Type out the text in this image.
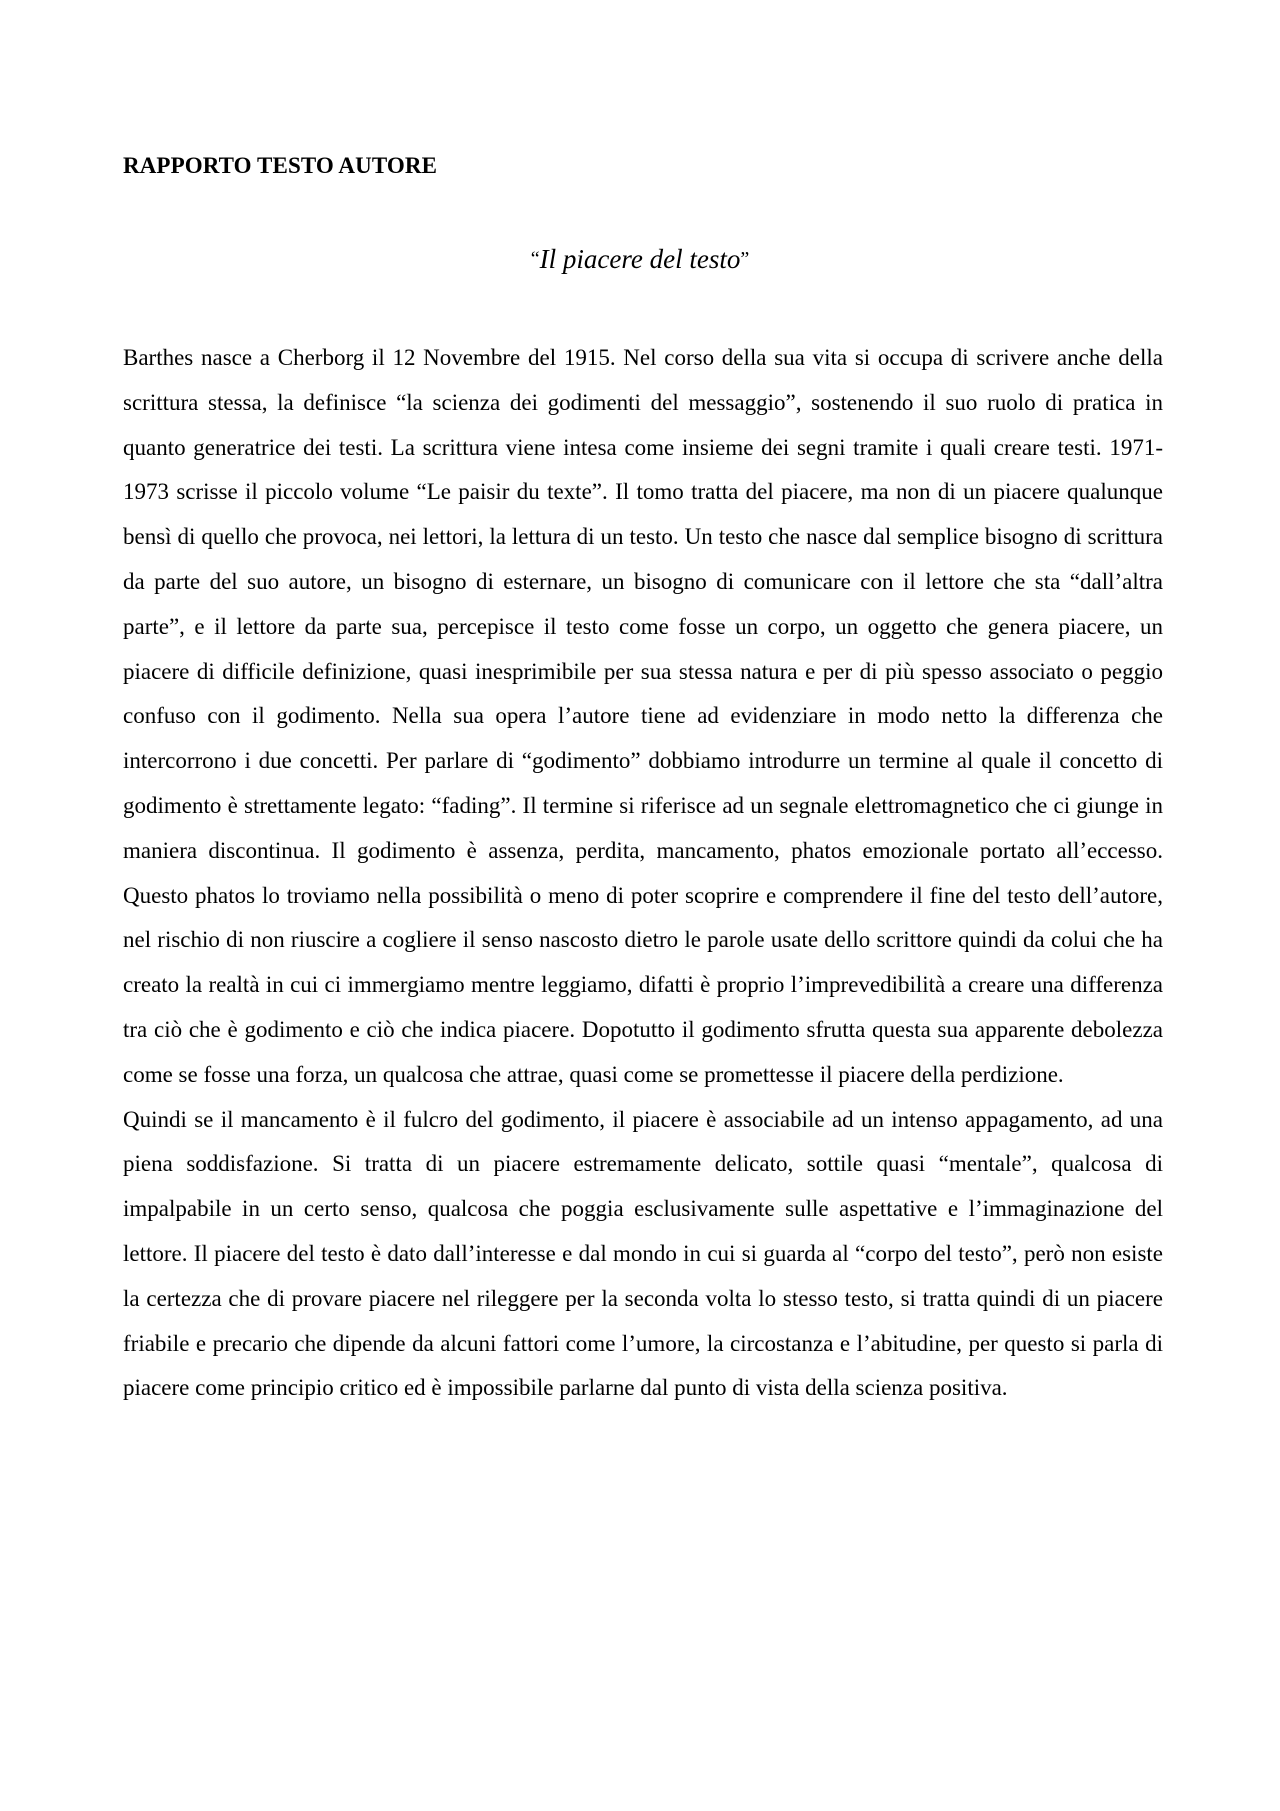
RAPPORTO TESTO AUTORE
“Il piacere del testo”

Barthes nasce a Cherborg il 12 Novembre del 1915. Nel corso della sua vita si occupa di scrivere anche della scrittura stessa, la definisce “la scienza dei godimenti del messaggio”, sostenendo il suo ruolo di pratica in quanto generatrice dei testi. La scrittura viene intesa come insieme dei segni tramite i quali creare testi. 1971-1973 scrisse il piccolo volume “Le paisir du texte”. Il tomo tratta del piacere, ma non di un piacere qualunque bensì di quello che provoca, nei lettori, la lettura di un testo. Un testo che nasce dal semplice bisogno di scrittura da parte del suo autore, un bisogno di esternare, un bisogno di comunicare con il lettore che sta “dall’altra parte”, e il lettore da parte sua, percepisce il testo come fosse un corpo, un oggetto che genera piacere, un piacere di difficile definizione, quasi inesprimibile per sua stessa natura e per di più spesso associato o peggio confuso con il godimento. Nella sua opera l’autore tiene ad evidenziare in modo netto la differenza che intercorrono i due concetti. Per parlare di “godimento” dobbiamo introdurre un termine al quale il concetto di godimento è strettamente legato: “fading”. Il termine si riferisce ad un segnale elettromagnetico che ci giunge in maniera discontinua. Il godimento è assenza, perdita, mancamento, phatos emozionale portato all’eccesso. Questo phatos lo troviamo nella possibilità o meno di poter scoprire e comprendere il fine del testo dell’autore, nel rischio di non riuscire a cogliere il senso nascosto dietro le parole usate dello scrittore quindi da colui che ha creato la realtà in cui ci immergiamo mentre leggiamo, difatti è proprio l’imprevedibilità a creare una differenza tra ciò che è godimento e ciò che indica piacere. Dopotutto il godimento sfrutta questa sua apparente debolezza come se fosse una forza, un qualcosa che attrae, quasi come se promettesse il piacere della perdizione.

Quindi se il mancamento è il fulcro del godimento, il piacere è associabile ad un intenso appagamento, ad una piena soddisfazione. Si tratta di un piacere estremamente delicato, sottile quasi “mentale”, qualcosa di impalpabile in un certo senso, qualcosa che poggia esclusivamente sulle aspettative e l’immaginazione del lettore. Il piacere del testo è dato dall’interesse e dal mondo in cui si guarda al “corpo del testo”, però non esiste la certezza che di provare piacere nel rileggere per la seconda volta lo stesso testo, si tratta quindi di un piacere friabile e precario che dipende da alcuni fattori come l’umore, la circostanza e l’abitudine, per questo si parla di piacere come principio critico ed è impossibile parlarne dal punto di vista della scienza positiva.
